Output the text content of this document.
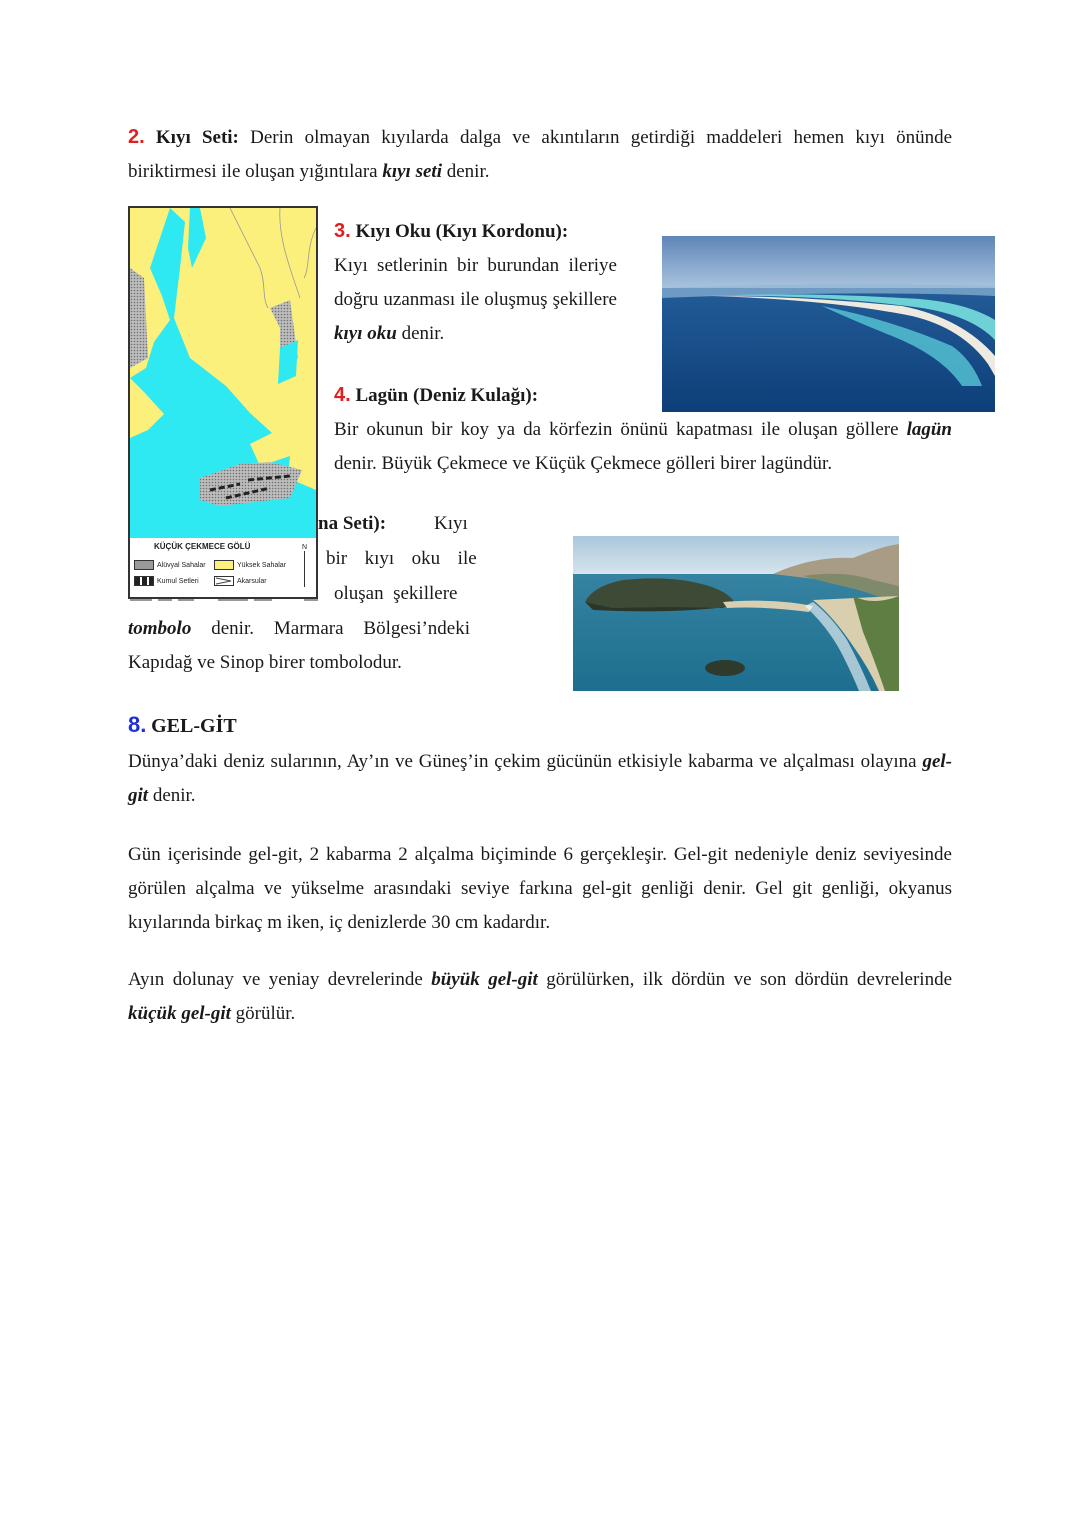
2. Kıyı Seti: Derin olmayan kıyılarda dalga ve akıntıların getirdiği maddeleri hemen kıyı önünde biriktirmesi ile oluşan yığıntılara kıyı seti denir.
3. Kıyı Oku (Kıyı Kordonu):
Kıyı setlerinin bir burundan ileriye doğru uzanması ile oluşmuş şekillere kıyı oku denir.
4. Lagün (Deniz Kulağı):
Bir okunun bir koy ya da körfezin önünü kapatması ile oluşan göllere lagün denir. Büyük Çekmece ve Küçük Çekmece gölleri birer lagündür.
na Seti):	Kıyı
bir  kıyı  oku  ile
oluşan  şekillere
tombolo denir. Marmara Bölgesi’ndeki
Kapıdağ ve Sinop birer tombolodur.
KÜÇÜK ÇEKMECE GÖLÜ	N
Alüvyal Sahalar	Yüksek Sahalar
Kumul Setleri	Akarsular
8. GEL-GİT
Dünya’daki deniz sularının, Ay’ın ve Güneş’in çekim gücünün etkisiyle kabarma ve alçalması olayına gel-git denir.
Gün içerisinde gel-git, 2 kabarma 2 alçalma biçiminde 6 gerçekleşir. Gel-git nedeniyle deniz seviyesinde görülen alçalma ve yükselme arasındaki seviye farkına gel-git genliği denir. Gel git genliği, okyanus kıyılarında birkaç m iken, iç denizlerde 30 cm kadardır.
Ayın dolunay ve yeniay devrelerinde büyük gel-git görülürken, ilk dördün ve son dördün devrelerinde küçük gel-git görülür.
